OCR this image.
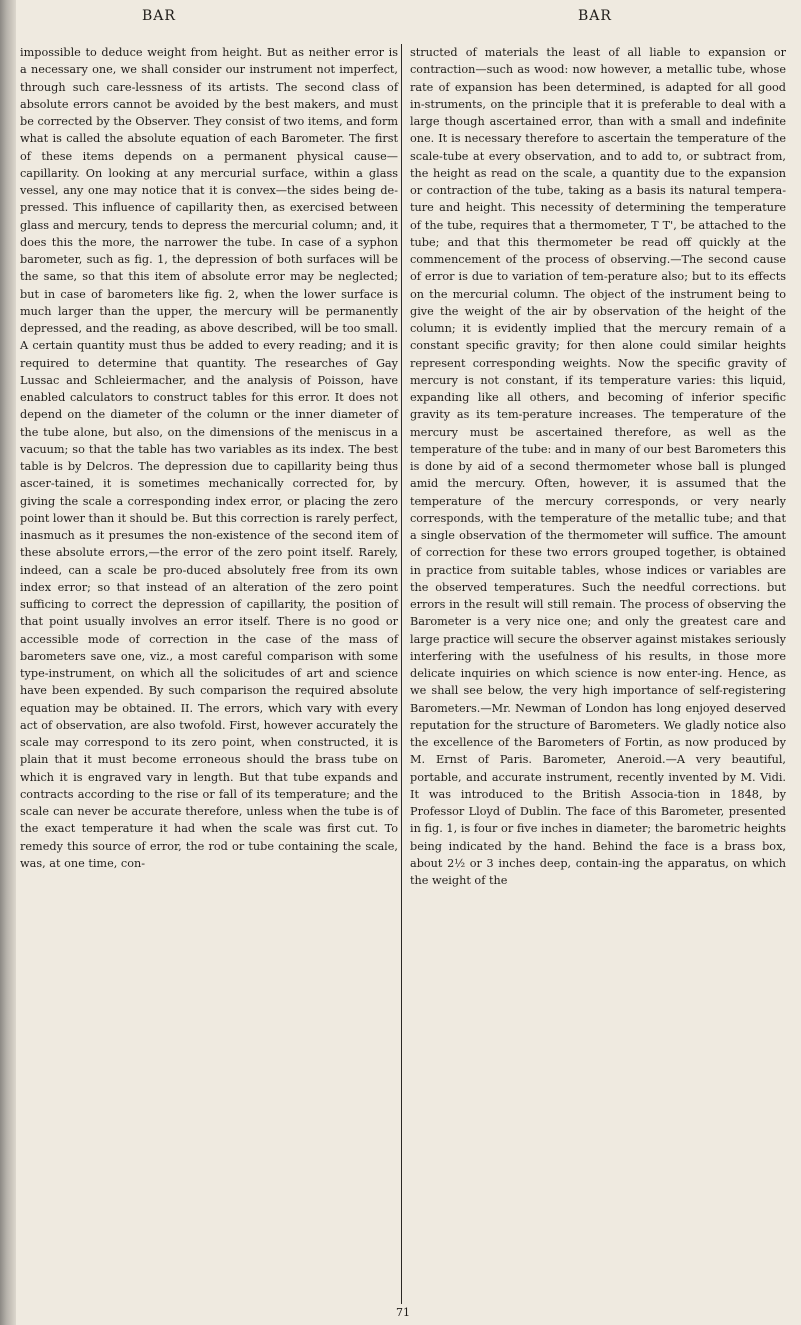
BAR	BAR

impossible to deduce weight from height. But as neither error is a necessary one, we shall consider our instrument not imperfect, through such care-lessness of its artists. The second class of absolute errors cannot be avoided by the best makers, and must be corrected by the Observer. They consist of two items, and form what is called the absolute equation of each Barometer. The first of these items depends on a permanent physical cause—capillarity. On looking at any mercurial surface, within a glass vessel, any one may notice that it is convex—the sides being de-pressed. This influence of capillarity then, as exercised between glass and mercury, tends to depress the mercurial column; and, it does this the more, the narrower the tube. In case of a syphon barometer, such as fig. 1, the depression of both surfaces will be the same, so that this item of absolute error may be neglected; but in case of barometers like fig. 2, when the lower surface is much larger than the upper, the mercury will be permanently depressed, and the reading, as above described, will be too small. A certain quantity must thus be added to every reading; and it is required to determine that quantity. The researches of Gay Lussac and Schleiermacher, and the analysis of Poisson, have enabled calculators to construct tables for this error. It does not depend on the diameter of the column or the inner diameter of the tube alone, but also, on the dimensions of the meniscus in a vacuum; so that the table has two variables as its index. The best table is by Delcros. The depression due to capillarity being thus ascer-tained, it is sometimes mechanically corrected for, by giving the scale a corresponding index error, or placing the zero point lower than it should be. But this correction is rarely perfect, inasmuch as it presumes the non-existence of the second item of these absolute errors,—the error of the zero point itself. Rarely, indeed, can a scale be pro-duced absolutely free from its own index error; so that instead of an alteration of the zero point sufficing to correct the depression of capillarity, the position of that point usually involves an error itself. There is no good or accessible mode of correction in the case of the mass of barometers save one, viz., a most careful comparison with some type-instrument, on which all the solicitudes of art and science have been expended. By such comparison the required absolute equation may be obtained. II. The errors, which vary with every act of observation, are also twofold. First, however accurately the scale may correspond to its zero point, when constructed, it is plain that it must become erroneous should the brass tube on which it is engraved vary in length. But that tube expands and contracts according to the rise or fall of its temperature; and the scale can never be accurate therefore, unless when the tube is of the exact temperature it had when the scale was first cut. To remedy this source of error, the rod or tube containing the scale, was, at one time, con-

structed of materials the least of all liable to expansion or contraction—such as wood: now however, a metallic tube, whose rate of expansion has been determined, is adapted for all good in-struments, on the principle that it is preferable to deal with a large though ascertained error, than with a small and indefinite one. It is necessary therefore to ascertain the temperature of the scale-tube at every observation, and to add to, or subtract from, the height as read on the scale, a quantity due to the expansion or contraction of the tube, taking as a basis its natural tempera-ture and height. This necessity of determining the temperature of the tube, requires that a thermometer, T T', be attached to the tube; and that this thermometer be read off quickly at the commencement of the process of observing.—The second cause of error is due to variation of tem-perature also; but to its effects on the mercurial column. The object of the instrument being to give the weight of the air by observation of the height of the column; it is evidently implied that the mercury remain of a constant specific gravity; for then alone could similar heights represent corresponding weights. Now the specific gravity of mercury is not constant, if its temperature varies: this liquid, expanding like all others, and becoming of inferior specific gravity as its tem-perature increases. The temperature of the mercury must be ascertained therefore, as well as the temperature of the tube: and in many of our best Barometers this is done by aid of a second thermometer whose ball is plunged amid the mercury. Often, however, it is assumed that the temperature of the mercury corresponds, or very nearly corresponds, with the temperature of the metallic tube; and that a single observation of the thermometer will suffice. The amount of correction for these two errors grouped together, is obtained in practice from suitable tables, whose indices or variables are the observed temperatures. Such the needful corrections. but errors in the result will still remain. The process of observing the Barometer is a very nice one; and only the greatest care and large practice will secure the observer against mistakes seriously interfering with the usefulness of his results, in those more delicate inquiries on which science is now enter-ing. Hence, as we shall see below, the very high importance of self-registering Barometers.—Mr. Newman of London has long enjoyed deserved reputation for the structure of Barometers. We gladly notice also the excellence of the Barometers of Fortin, as now produced by M. Ernst of Paris. Barometer, Aneroid.—A very beautiful, portable, and accurate instrument, recently invented by M. Vidi. It was introduced to the British Associa-tion in 1848, by Professor Lloyd of Dublin. The face of this Barometer, presented in fig. 1, is four or five inches in diameter; the barometric heights being indicated by the hand. Behind the face is a brass box, about 2½ or 3 inches deep, contain-ing the apparatus, on which the weight of the

71
